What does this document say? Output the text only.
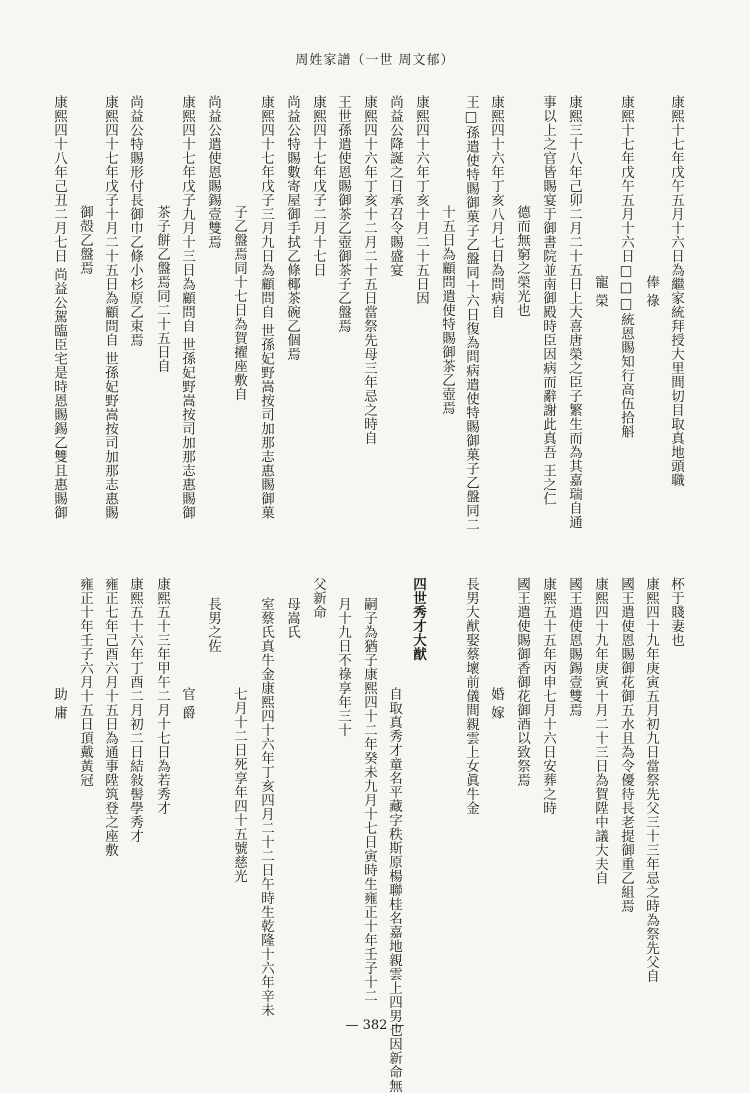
周姓家譜（一世 周文郁）
康熙十七年戊午五月十六日為繼家統拜授大里間切目取真地頭職
俸 祿
康熙十七年戊午五月十六日□□□統恩賜知行高伍拾斛
寵 榮
康熙三十八年己卯二月二十五日上大喜唐榮之臣子繁生而為其嘉瑞自通
事以上之官皆賜宴于御書院並南御殿時臣因病而辭謝此真吾 王之仁
德而無窮之榮光也
康熙四十六年丁亥八月七日為問病自
王□孫遣使特賜御菓子乙盤同十六日復為問病遣使特賜御菓子乙盤同二
十五日為顧問遣使特賜御茶乙壺焉
康熙四十六年丁亥十月二十五日因
尚益公降誕之日承召令賜盛宴
康熙四十六年丁亥十二月二十五日當祭先母三年忌之時自
王世孫遣使恩賜御茶乙壺御茶子乙盤焉
康熙四十七年戊子二月十七日
尚益公特賜數寄屋御手拭乙條椰茶碗乙個焉
康熙四十七年戊子三月九日為顧問自 世孫妃野嵩按司加那志惠賜御菓
子乙盤焉同十七日為賀擢座敷自
尚益公遣使恩賜錫壹雙焉
康熙四十七年戊子九月十三日為顧問自 世孫妃野嵩按司加那志惠賜御
茶子餅乙盤焉同二十五日自
尚益公特賜形付長御巾乙條小杉原乙束焉
康熙四十七年戊子十月二十五日為顧問自 世孫妃野嵩按司加那志惠賜
御殻乙盤焉
康熙四十八年己丑二月七日 尚益公駕臨臣宅是時恩賜錫乙雙且惠賜御
杯于賤妻也
康熙四十九年庚寅五月初九日當祭先父三十三年忌之時為祭先父自
國王遣使恩賜御花御五水且為令優待長老提御重乙組焉
康熙四十九年庚寅十月二十三日為賀陞中議大夫自
國王遣使恩賜錫壹雙焉
康熙五十五年丙申七月十六日安葬之時
國王遣使賜御香御花御酒以致祭焉
婚 嫁
長男大猷娶蔡壞前儀間親雲上女眞牛金
四世秀才大猷
自取真秀才童名平藏字秩斯原楊聯桂名嘉地親雲上四男也因新命無
嗣子為猶子康熙四十二年癸未九月十七日寅時生雍正十年壬子十二
月十九日不祿享年三十
父新命
母嵩氏
室蔡氏真牛金康熙四十六年丁亥四月二十二日午時生乾隆十六年辛未
七月十二日死享年四十五號慈光
長男之佐
官 爵
康熙五十三年甲午二月十七日為若秀才
康熙五十六年丁酉二月初二日結敍髻學秀才
雍正七年己酉六月十五日為通事陞筑登之座敷
雍正十年壬子六月十五日頂戴黃冠
助 庸
— 382 —
